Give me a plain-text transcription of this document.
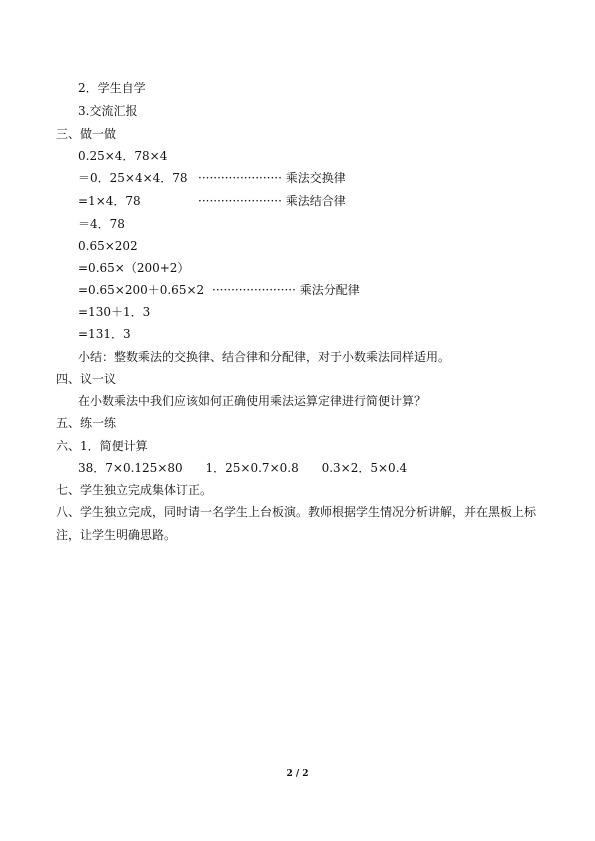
2．学生自学
3.交流汇报
三、做一做
0.25×4．78×4
＝0．25×4×4．78 ······················ 乘法交换律
=1×4．78	······················ 乘法结合律
＝4．78
0.65×202
=0.65×（200+2）
=0.65×200＋0.65×2 ······················ 乘法分配律
=130＋1．3
=131．3
小结：整数乘法的交换律、结合律和分配律，对于小数乘法同样适用。
四、议一议
在小数乘法中我们应该如何正确使用乘法运算定律进行简便计算？
五、练一练
六、1．简便计算
38．7×0.125×80      1．25×0.7×0.8      0.3×2．5×0.4
七、学生独立完成集体订正。
八、学生独立完成，同时请一名学生上台板演。教师根据学生情况分析讲解，并在黑板上标
注，让学生明确思路。
2 / 2
